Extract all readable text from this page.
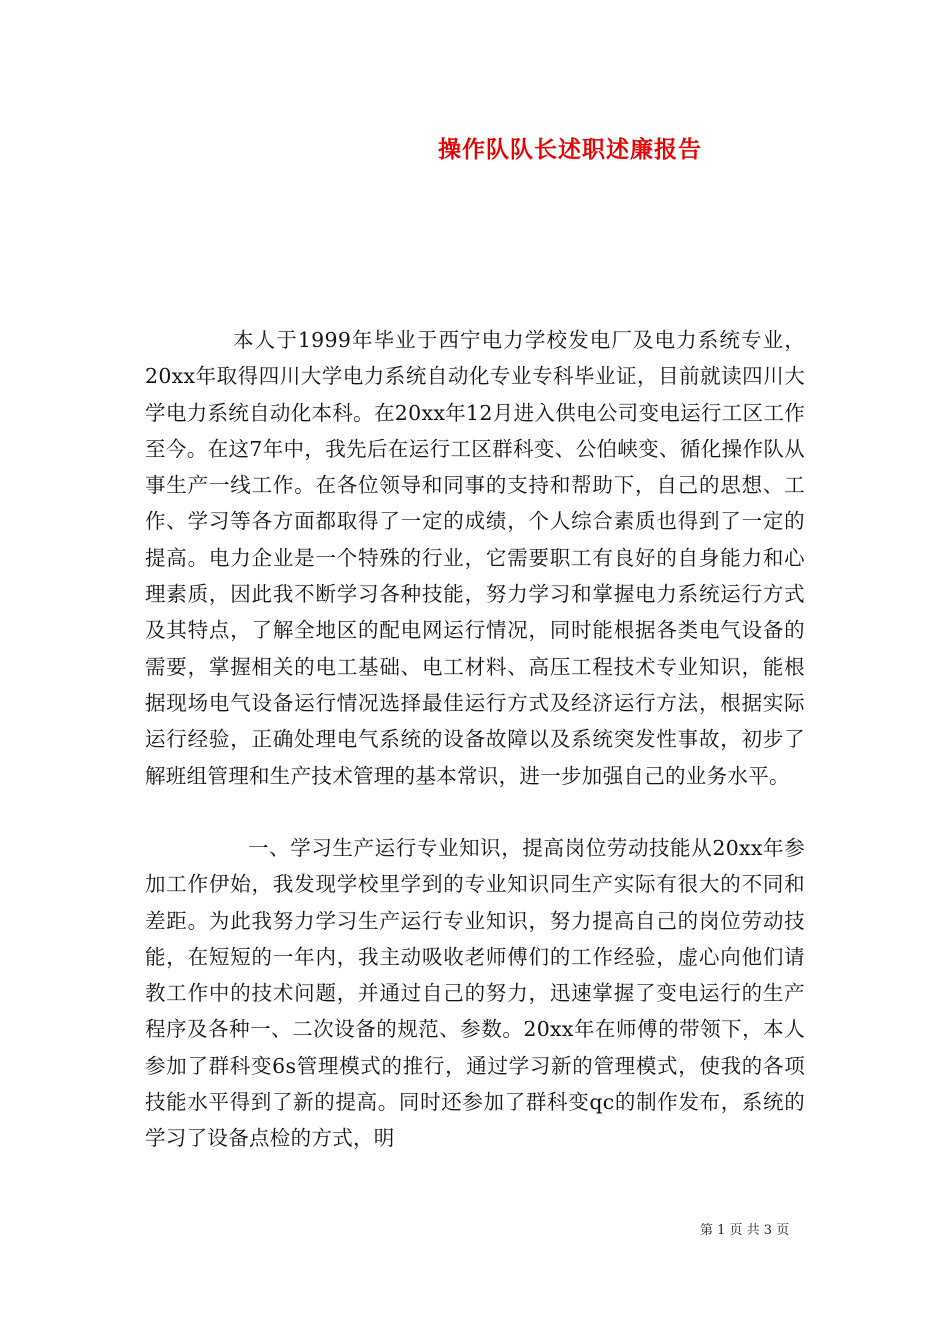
操作队队长述职述廉报告

本人于1999年毕业于西宁电力学校发电厂及电力系统专业，20xx年取得四川大学电力系统自动化专业专科毕业证，目前就读四川大学电力系统自动化本科。在20xx年12月进入供电公司变电运行工区工作至今。在这7年中，我先后在运行工区群科变、公伯峡变、循化操作队从事生产一线工作。在各位领导和同事的支持和帮助下，自己的思想、工作、学习等各方面都取得了一定的成绩，个人综合素质也得到了一定的提高。电力企业是一个特殊的行业，它需要职工有良好的自身能力和心理素质，因此我不断学习各种技能，努力学习和掌握电力系统运行方式及其特点，了解全地区的配电网运行情况，同时能根据各类电气设备的需要，掌握相关的电工基础、电工材料、高压工程技术专业知识，能根据现场电气设备运行情况选择最佳运行方式及经济运行方法，根据实际运行经验，正确处理电气系统的设备故障以及系统突发性事故，初步了解班组管理和生产技术管理的基本常识，进一步加强自己的业务水平。

一、学习生产运行专业知识，提高岗位劳动技能从20xx年参加工作伊始，我发现学校里学到的专业知识同生产实际有很大的不同和差距。为此我努力学习生产运行专业知识，努力提高自己的岗位劳动技能，在短短的一年内，我主动吸收老师傅们的工作经验，虚心向他们请教工作中的技术问题，并通过自己的努力，迅速掌握了变电运行的生产程序及各种一、二次设备的规范、参数。20xx年在师傅的带领下，本人参加了群科变6s管理模式的推行，通过学习新的管理模式，使我的各项技能水平得到了新的提高。同时还参加了群科变qc的制作发布，系统的学习了设备点检的方式，明

第 1 页 共 3 页
